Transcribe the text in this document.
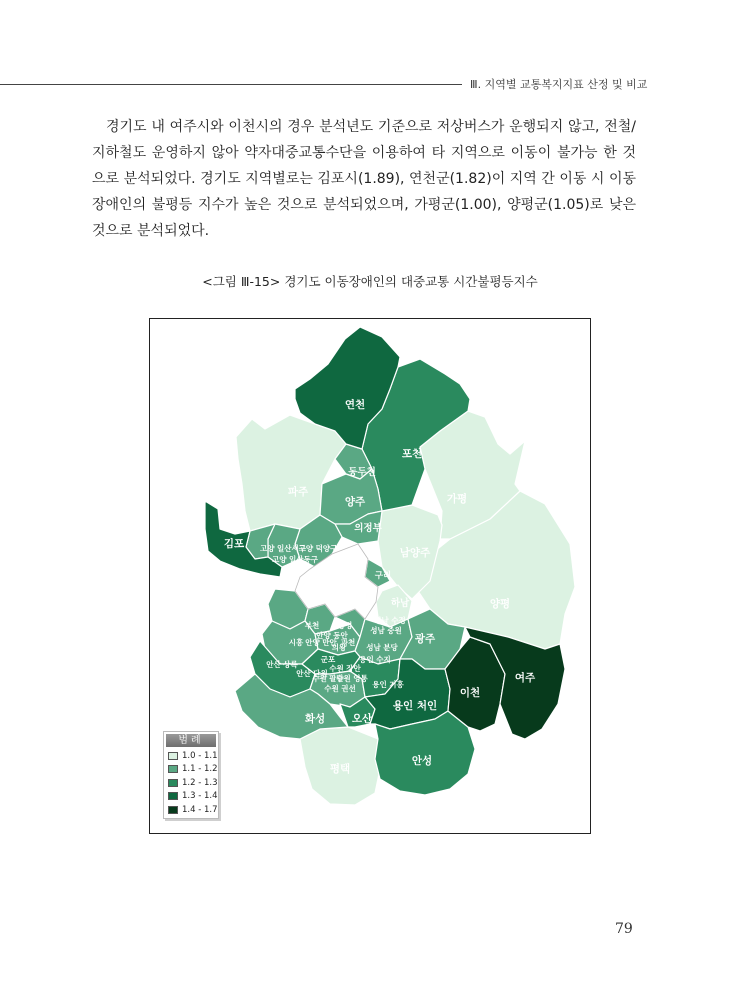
Ⅲ. 지역별 교통복지지표 산정 및 비교
경기도 내 여주시와 이천시의 경우 분석년도 기준으로 저상버스가 운행되지 않고, 전철/지하철도 운영하지 않아 약자대중교통수단을 이용하여 타 지역으로 이동이 불가능 한 것으로 분석되었다. 경기도 지역별로는 김포시(1.89), 연천군(1.82)이 지역 간 이동 시 이동장애인의 불평등 지수가 높은 것으로 분석되었으며, 가평군(1.00), 양평군(1.05)로 낮은 것으로 분석되었다.
<그림 Ⅲ-15> 경기도 이동장애인의 대중교통 시간불평등지수
연천
포천
동두천
파주
양주	가평
의정부
김포	고양 덕양구
고양 일산서구
고양 일산동구
남양주
구리
하남	양평
부천 광명
안양 동안
안양 만안
시흥	과천
성남 수정
성남 중원
성남 분당
광주
의왕
군포
안산 상록
안산 단원
수원 장안
수원 팔달
수원 영통
수원 권선
용인 수지
용인 기흥
용인 처인
여주
이천
화성	오산
평택
안성
범례
1.0 - 1.1
1.1 - 1.2
1.2 - 1.3
1.3 - 1.4
1.4 - 1.7
79
